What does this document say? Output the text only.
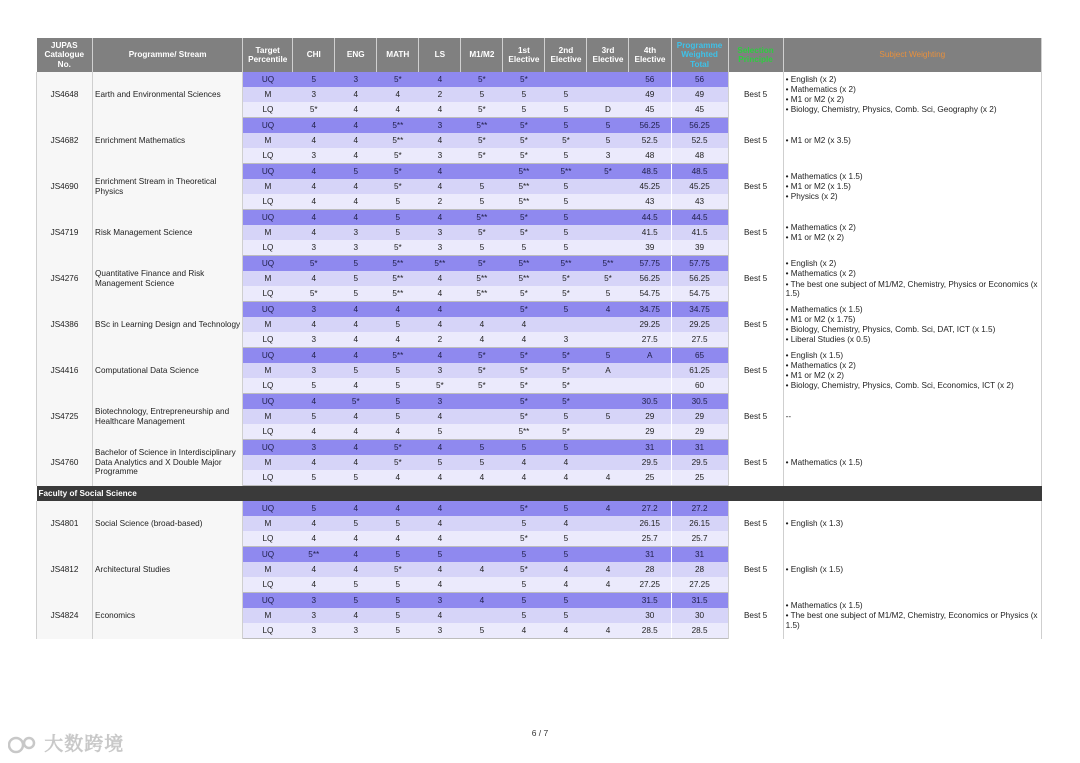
JUPAS Catalogue No.	Programme/ Stream	Target Percentile	CHI	ENG	MATH	LS	M1/M2	1st Elective	2nd Elective	3rd Elective	4th Elective	Programme Weighted Total	Selection Principle	Subject Weighting
JS4648	Earth and Environmental Sciences	UQ	5	3	5*	4	5*	5*			56	56	Best 5	• English (x 2)
• Mathematics (x 2)
• M1 or M2 (x 2)
• Biology, Chemistry, Physics, Comb. Sci, Geography (x 2)

		M	3	4	4	2	5	5	5		49	49		
		LQ	5*	4	4	4	5*	5	5	D	45	45		
JS4682	Enrichment Mathematics	UQ	4	4	5**	3	5**	5*	5	5	56.25	56.25	Best 5	• M1 or M2 (x 3.5)

		M	4	4	5**	4	5*	5*	5*	5	52.5	52.5		
		LQ	3	4	5*	3	5*	5*	5	3	48	48		
JS4690	Enrichment Stream in Theoretical Physics	UQ	4	5	5*	4		5**	5**	5*	48.5	48.5	Best 5	• Mathematics (x 1.5)
• M1 or M2 (x 1.5)
• Physics (x 2)

		M	4	4	5*	4	5	5**	5		45.25	45.25		
		LQ	4	4	5	2	5	5**	5		43	43		
JS4719	Risk Management Science	UQ	4	4	5	4	5**	5*	5		44.5	44.5	Best 5	• Mathematics (x 2)
• M1 or M2 (x 2)

		M	4	3	5	3	5*	5*	5		41.5	41.5		
		LQ	3	3	5*	3	5	5	5		39	39		
JS4276	Quantitative Finance and Risk Management Science	UQ	5*	5	5**	5**	5*	5**	5**	5**	57.75	57.75	Best 5	• English (x 2)
• Mathematics (x 2)
• The best one subject of M1/M2, Chemistry, Physics or Economics (x 1.5)

		M	4	5	5**	4	5**	5**	5*	5*	56.25	56.25		
		LQ	5*	5	5**	4	5**	5*	5*	5	54.75	54.75		
JS4386	BSc in Learning Design and Technology	UQ	3	4	4	4		5*	5	4	34.75	34.75	Best 5	• Mathematics (x 1.5)
• M1 or M2 (x 1.75)
• Biology, Chemistry, Physics, Comb. Sci, DAT, ICT (x 1.5)
• Liberal Studies (x 0.5)

		M	4	4	5	4	4	4			29.25	29.25		
		LQ	3	4	4	2	4	4	3		27.5	27.5		
JS4416	Computational Data Science	UQ	4	4	5**	4	5*	5*	5*	5	A	65	Best 5	• English (x 1.5)
• Mathematics (x 2)
• M1 or M2 (x 2)
• Biology, Chemistry, Physics, Comb. Sci, Economics, ICT (x 2)

		M	3	5	5	3	5*	5*	5*	A		61.25		
		LQ	5	4	5	5*	5*	5*	5*			60		
JS4725	Biotechnology, Entrepreneurship and Healthcare Management	UQ	4	5*	5	3		5*	5*		30.5	30.5	Best 5	--

		M	5	4	5	4		5*	5	5	29	29		
		LQ	4	4	4	5		5**	5*		29	29		
JS4760	Bachelor of Science in Interdisciplinary Data Analytics and X Double Major Programme	UQ	3	4	5*	4	5	5	5		31	31	Best 5	• Mathematics (x 1.5)

		M	4	4	5*	5	5	4	4		29.5	29.5		
		LQ	5	5	4	4	4	4	4	4	25	25		
Faculty of Social Science														
JS4801	Social Science (broad-based)	UQ	5	4	4	4		5*	5	4	27.2	27.2	Best 5	• English (x 1.3)

		M	4	5	5	4		5	4		26.15	26.15		
		LQ	4	4	4	4		5*	5		25.7	25.7		
JS4812	Architectural Studies	UQ	5**	4	5	5		5	5		31	31	Best 5	• English (x 1.5)

		M	4	4	5*	4	4	5*	4	4	28	28		
		LQ	4	5	5	4		5	4	4	27.25	27.25		
JS4824	Economics	UQ	3	5	5	3	4	5	5		31.5	31.5	Best 5	• Mathematics (x 1.5)
• The best one subject of M1/M2, Chemistry, Economics or Physics (x 1.5)

		M	3	4	5	4		5	5		30	30		
		LQ	3	3	5	3	5	4	4	4	28.5	28.5		
6 / 7
大数跨境
